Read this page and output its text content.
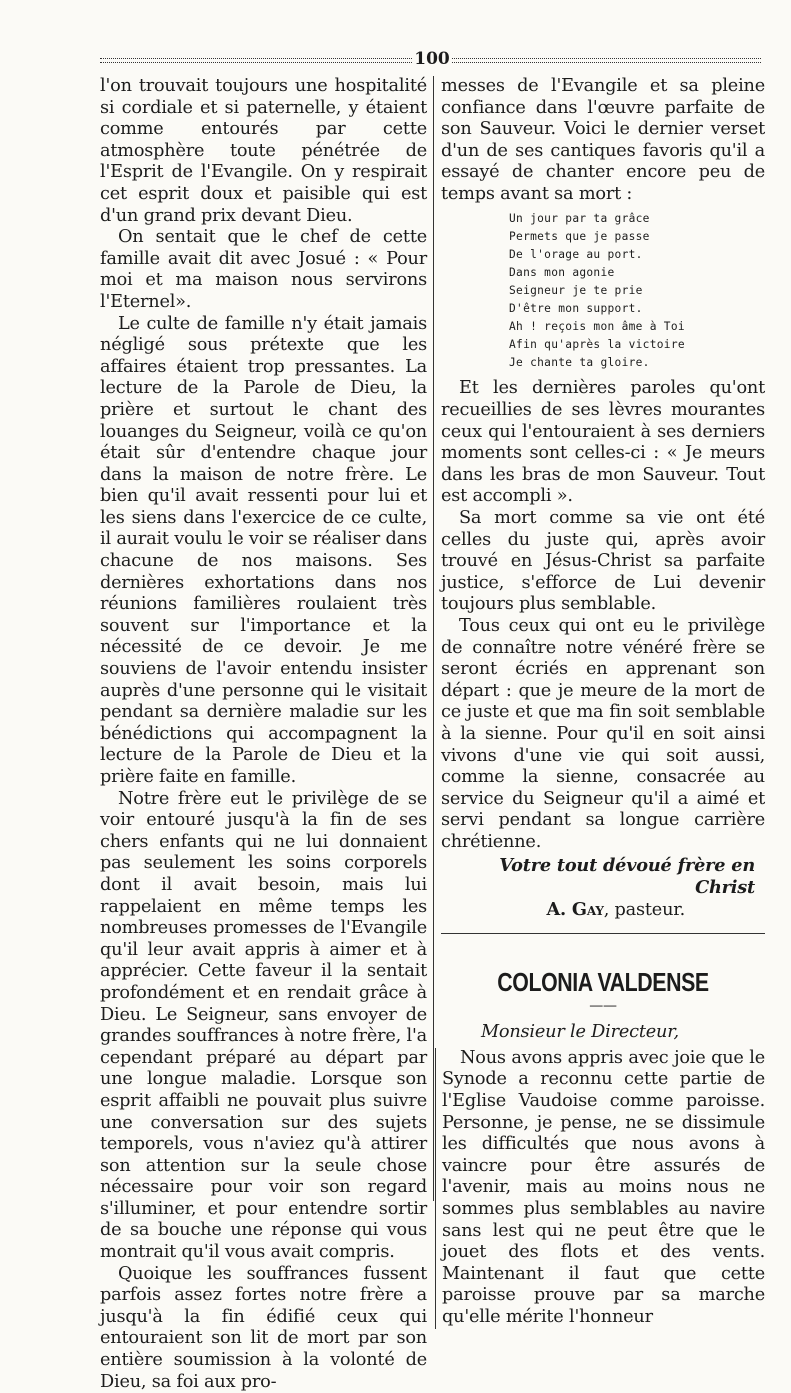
100

l'on trouvait toujours une hospitalité si cordiale et si paternelle, y étaient comme entourés par cette atmosphère toute pénétrée de l'Esprit de l'Evangile. On y respirait cet esprit doux et paisible qui est d'un grand prix devant Dieu.

On sentait que le chef de cette famille avait dit avec Josué : « Pour moi et ma maison nous servirons l'Eternel».

Le culte de famille n'y était jamais négligé sous prétexte que les affaires étaient trop pressantes. La lecture de la Parole de Dieu, la prière et surtout le chant des louanges du Seigneur, voilà ce qu'on était sûr d'entendre chaque jour dans la maison de notre frère. Le bien qu'il avait ressenti pour lui et les siens dans l'exercice de ce culte, il aurait voulu le voir se réaliser dans chacune de nos maisons. Ses dernières exhortations dans nos réunions familières roulaient très souvent sur l'importance et la nécessité de ce devoir. Je me souviens de l'avoir entendu insister auprès d'une personne qui le visitait pendant sa dernière maladie sur les bénédictions qui accompagnent la lecture de la Parole de Dieu et la prière faite en famille.

Notre frère eut le privilège de se voir entouré jusqu'à la fin de ses chers enfants qui ne lui donnaient pas seulement les soins corporels dont il avait besoin, mais lui rappelaient en même temps les nombreuses promesses de l'Evangile qu'il leur avait appris à aimer et à apprécier. Cette faveur il la sentait profondément et en rendait grâce à Dieu. Le Seigneur, sans envoyer de grandes souffrances à notre frère, l'a cependant préparé au départ par une longue maladie. Lorsque son esprit affaibli ne pouvait plus suivre une conversation sur des sujets temporels, vous n'aviez qu'à attirer son attention sur la seule chose nécessaire pour voir son regard s'illuminer, et pour entendre sortir de sa bouche une réponse qui vous montrait qu'il vous avait compris.

Quoique les souffrances fussent parfois assez fortes notre frère a jusqu'à la fin édifié ceux qui entouraient son lit de mort par son entière soumission à la volonté de Dieu, sa foi aux pro-

messes de l'Evangile et sa pleine confiance dans l'œuvre parfaite de son Sauveur. Voici le dernier verset d'un de ses cantiques favoris qu'il a essayé de chanter encore peu de temps avant sa mort :

Un jour par ta grâce
Permets que je passe
De l'orage au port.
Dans mon agonie
Seigneur je te prie
D'être mon support.
Ah ! reçois mon âme à Toi
Afin qu'après la victoire
Je chante ta gloire.

Et les dernières paroles qu'ont recueillies de ses lèvres mourantes ceux qui l'entouraient à ses derniers moments sont celles-ci : « Je meurs dans les bras de mon Sauveur. Tout est accompli ».

Sa mort comme sa vie ont été celles du juste qui, après avoir trouvé en Jésus-Christ sa parfaite justice, s'efforce de Lui devenir toujours plus semblable.

Tous ceux qui ont eu le privilège de connaître notre vénéré frère se seront écriés en apprenant son départ : que je meure de la mort de ce juste et que ma fin soit semblable à la sienne. Pour qu'il en soit ainsi vivons d'une vie qui soit aussi, comme la sienne, consacrée au service du Seigneur qu'il a aimé et servi pendant sa longue carrière chrétienne.

Votre tout dévoué frère en Christ
A. Gay, pasteur.
COLONIA VALDENSE
——
Monsieur le Directeur,

Nous avons appris avec joie que le Synode a reconnu cette partie de l'Eglise Vaudoise comme paroisse. Personne, je pense, ne se dissimule les difficultés que nous avons à vaincre pour être assurés de l'avenir, mais au moins nous ne sommes plus semblables au navire sans lest qui ne peut être que le jouet des flots et des vents. Maintenant il faut que cette paroisse prouve par sa marche qu'elle mérite l'honneur
